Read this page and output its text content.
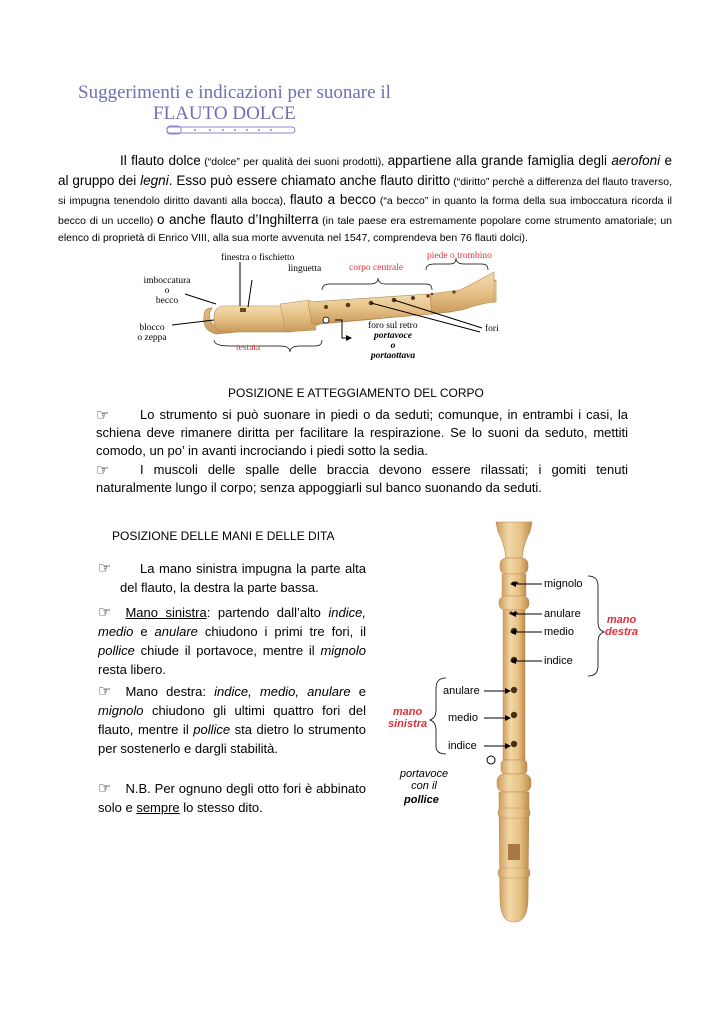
Suggerimenti e indicazioni per suonare il
FLAUTO DOLCE
Il flauto dolce (“dolce” per qualità dei suoni prodotti), appartiene alla grande famiglia degli aerofoni e al gruppo dei legni. Esso può essere chiamato anche flauto diritto (“diritto” perchè a differenza del flauto traverso, si impugna tenendolo diritto davanti alla bocca), flauto a becco (“a becco” in quanto la forma della sua imboccatura ricorda il becco di un uccello) o anche flauto d’Inghilterra (in tale paese era estremamente popolare come strumento amatoriale; un elenco di proprietà di Enrico VIII, alla sua morte avvenuta nel 1547, comprendeva ben 76 flauti dolci).
finestra o fischietto
linguetta	corpo centrale
piede o trombino
imboccatura
o
becco
blocco
o zeppa
testata
foro sul retro
portavoce
o
portaottava
fori
POSIZIONE E ATTEGGIAMENTO DEL CORPO
☞	Lo strumento si può suonare in piedi o da seduti; comunque, in entrambi i casi, la schiena deve rimanere diritta per facilitare la respirazione. Se lo suoni da seduto, mettiti comodo, un po’ in avanti incrociando i piedi sotto la sedia.
☞	I muscoli delle spalle delle braccia devono essere rilassati; i gomiti tenuti naturalmente lungo il corpo; senza appoggiarli sul banco suonando da seduti.
POSIZIONE DELLE MANI E DELLE DITA
☞	La mano sinistra impugna la parte alta del flauto, la destra la parte bassa.
☞ Mano sinistra: partendo dall’alto indice, medio e anulare chiudono i primi tre fori, il pollice chiude il portavoce, mentre il mignolo resta libero.
☞ Mano destra: indice, medio, anulare e mignolo chiudono gli ultimi quattro fori del flauto, mentre il pollice sta dietro lo strumento per sostenerlo e dargli stabilità.
☞ N.B. Per ognuno degli otto fori è abbinato solo e sempre lo stesso dito.
mignolo
anulare
medio
indice
mano
destra
anulare
medio
indice
mano
sinistra
portavoce
con il
pollice
